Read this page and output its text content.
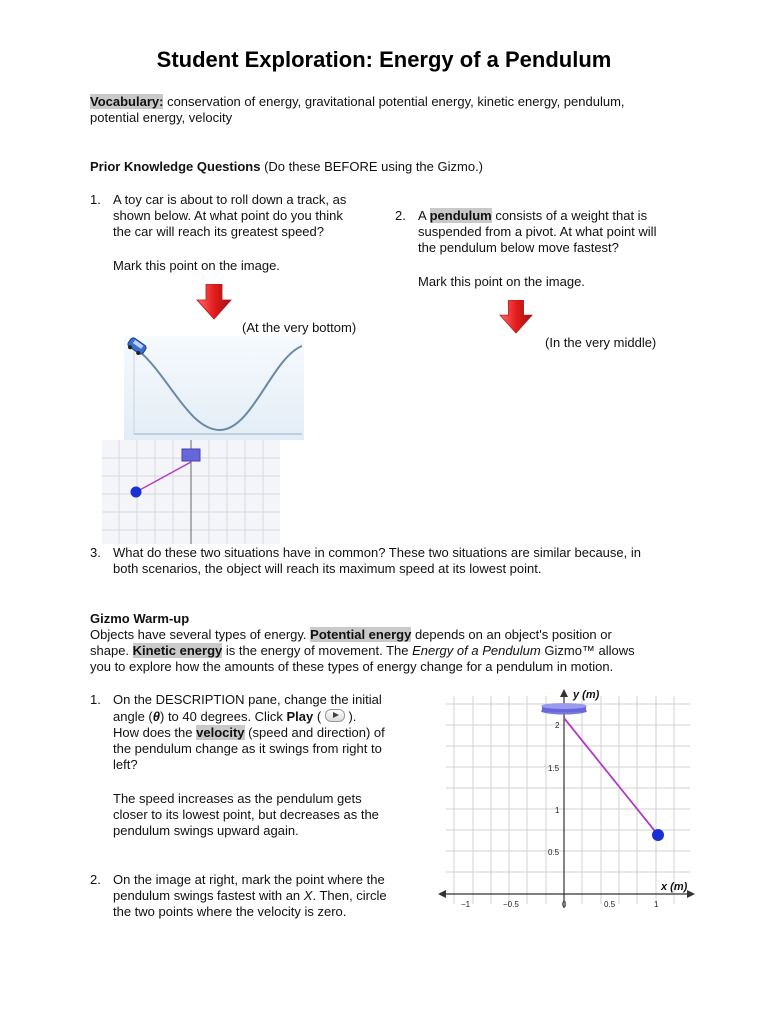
Student Exploration: Energy of a Pendulum
Vocabulary: conservation of energy, gravitational potential energy, kinetic energy, pendulum,
potential energy, velocity
Prior Knowledge Questions (Do these BEFORE using the Gizmo.)
1. A toy car is about to roll down a track, as
shown below. At what point do you think
the car will reach its greatest speed?
Mark this point on the image.
2. A pendulum consists of a weight that is
suspended from a pivot. At what point will
the pendulum below move fastest?
Mark this point on the image.
(At the very bottom)
(In the very middle)
3. What do these two situations have in common? These two situations are similar because, in
both scenarios, the object will reach its maximum speed at its lowest point.
Gizmo Warm-up
Objects have several types of energy. Potential energy depends on an object's position or
shape. Kinetic energy is the energy of movement. The Energy of a Pendulum Gizmo™ allows
you to explore how the amounts of these types of energy change for a pendulum in motion.
1. On the DESCRIPTION pane, change the initial
angle (θ) to 40 degrees. Click Play ( ).
How does the velocity (speed and direction) of
the pendulum change as it swings from right to
left?
The speed increases as the pendulum gets
closer to its lowest point, but decreases as the
pendulum swings upward again.
2. On the image at right, mark the point where the
pendulum swings fastest with an X. Then, circle
the two points where the velocity is zero.
y (m)
x (m)
2
1.5
1
0.5
−1	−0.5	0	0.5	1
